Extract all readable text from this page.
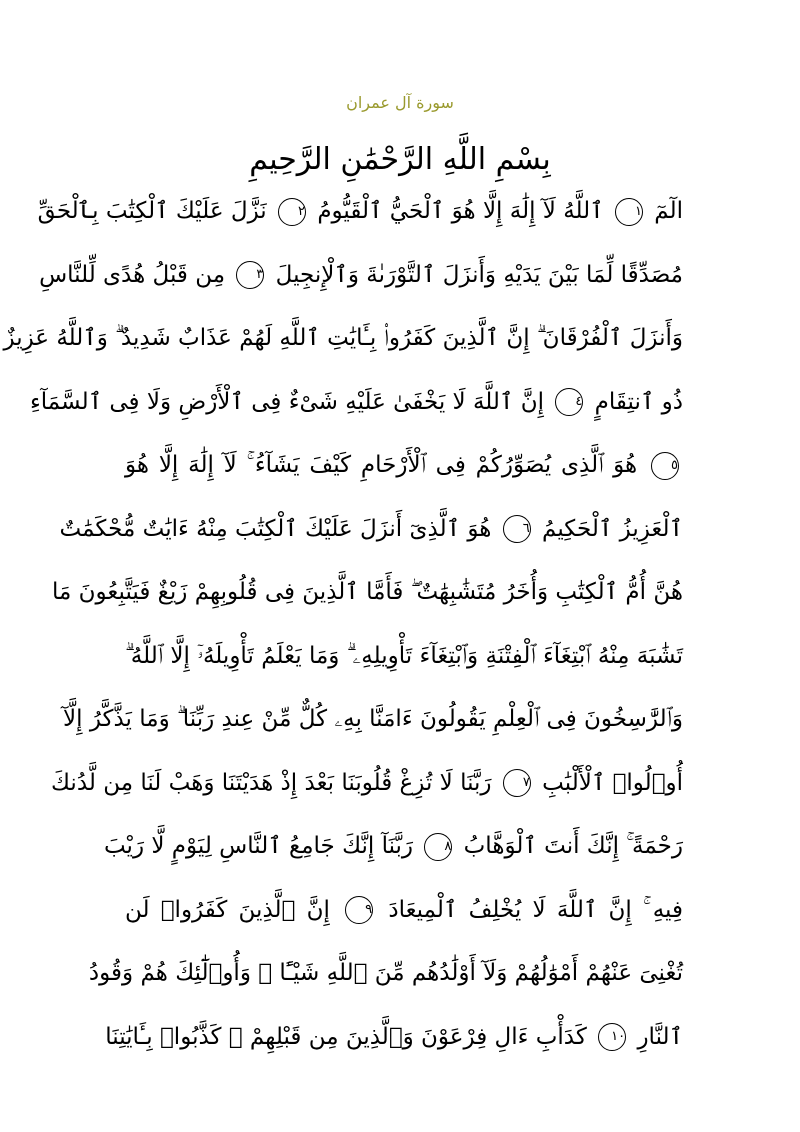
سورة آل عمران
بِسْمِ اللَّهِ الرَّحْمَٰنِ الرَّحِيمِ
الٓمٓ ١ ٱللَّهُ لَآ إِلَٰهَ إِلَّا هُوَ ٱلْحَيُّ ٱلْقَيُّومُ ٢ نَزَّلَ عَلَيْكَ ٱلْكِتَٰبَ بِٱلْحَقِّ
مُصَدِّقًا لِّمَا بَيْنَ يَدَيْهِ وَأَنزَلَ ٱلتَّوْرَىٰةَ وَٱلْإِنجِيلَ ٣ مِن قَبْلُ هُدًى لِّلنَّاسِ
وَأَنزَلَ ٱلْفُرْقَانَ ۗ إِنَّ ٱلَّذِينَ كَفَرُوا۟ بِـَٔايَٰتِ ٱللَّهِ لَهُمْ عَذَابٌ شَدِيدٌ ۗ وَٱللَّهُ عَزِيزٌ
ذُو ٱنتِقَامٍ ٤ إِنَّ ٱللَّهَ لَا يَخْفَىٰ عَلَيْهِ شَىْءٌ فِى ٱلْأَرْضِ وَلَا فِى ٱلسَّمَآءِ
٥ هُوَ ٱلَّذِى يُصَوِّرُكُمْ فِى ٱلْأَرْحَامِ كَيْفَ يَشَآءُ ۚ لَآ إِلَٰهَ إِلَّا هُوَ
ٱلْعَزِيزُ ٱلْحَكِيمُ ٦ هُوَ ٱلَّذِىٓ أَنزَلَ عَلَيْكَ ٱلْكِتَٰبَ مِنْهُ ءَايَٰتٌ مُّحْكَمَٰتٌ
هُنَّ أُمُّ ٱلْكِتَٰبِ وَأُخَرُ مُتَشَٰبِهَٰتٌ ۖ فَأَمَّا ٱلَّذِينَ فِى قُلُوبِهِمْ زَيْغٌ فَيَتَّبِعُونَ مَا
تَشَٰبَهَ مِنْهُ ٱبْتِغَآءَ ٱلْفِتْنَةِ وَٱبْتِغَآءَ تَأْوِيلِهِۦ ۗ وَمَا يَعْلَمُ تَأْوِيلَهُۥٓ إِلَّا ٱللَّهُ ۗ
وَٱلرَّٰسِخُونَ فِى ٱلْعِلْمِ يَقُولُونَ ءَامَنَّا بِهِۦ كُلٌّ مِّنْ عِندِ رَبِّنَا ۗ وَمَا يَذَّكَّرُ إِلَّآ
أُو۟لُوا۟ ٱلْأَلْبَٰبِ ٧ رَبَّنَا لَا تُزِغْ قُلُوبَنَا بَعْدَ إِذْ هَدَيْتَنَا وَهَبْ لَنَا مِن لَّدُنكَ
رَحْمَةً ۚ إِنَّكَ أَنتَ ٱلْوَهَّابُ ٨ رَبَّنَآ إِنَّكَ جَامِعُ ٱلنَّاسِ لِيَوْمٍ لَّا رَيْبَ
فِيهِ ۚ إِنَّ ٱللَّهَ لَا يُخْلِفُ ٱلْمِيعَادَ ٩ إِنَّ ٱلَّذِينَ كَفَرُوا۟ لَن
تُغْنِىَ عَنْهُمْ أَمْوَٰلُهُمْ وَلَآ أَوْلَٰدُهُم مِّنَ ٱللَّهِ شَيْـًٔا ۖ وَأُو۟لَٰٓئِكَ هُمْ وَقُودُ
ٱلنَّارِ ١٠ كَدَأْبِ ءَالِ فِرْعَوْنَ وَٱلَّذِينَ مِن قَبْلِهِمْ ۚ كَذَّبُوا۟ بِـَٔايَٰتِنَا
